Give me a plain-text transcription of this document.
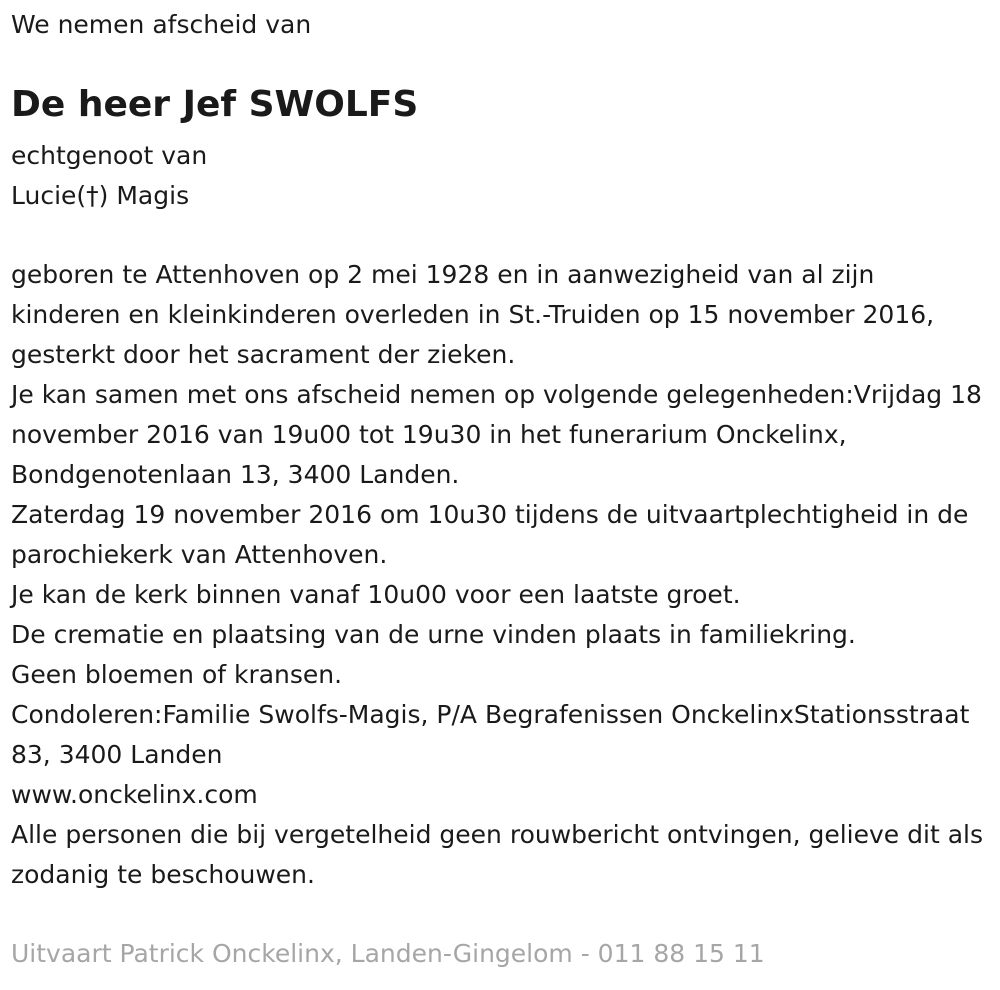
We nemen afscheid van
De heer Jef SWOLFS
echtgenoot van
Lucie(†) Magis

geboren te Attenhoven op 2 mei 1928 en in aanwezigheid van al zijn kinderen en kleinkinderen overleden in St.-Truiden op 15 november 2016, gesterkt door het sacrament der zieken.

Je kan samen met ons afscheid nemen op volgende gelegenheden:Vrijdag 18 november 2016 van 19u00 tot 19u30 in het funerarium Onckelinx, Bondgenotenlaan 13, 3400 Landen.

Zaterdag 19 november 2016 om 10u30 tijdens de uitvaartplechtigheid in de parochiekerk van Attenhoven.

Je kan de kerk binnen vanaf 10u00 voor een laatste groet.

De crematie en plaatsing van de urne vinden plaats in familiekring.

Geen bloemen of kransen.

Condoleren:Familie Swolfs-Magis, P/A Begrafenissen OnckelinxStationsstraat 83, 3400 Landen

www.onckelinx.com

Alle personen die bij vergetelheid geen rouwbericht ontvingen, gelieve dit als zodanig te beschouwen.

Uitvaart Patrick Onckelinx, Landen-Gingelom - 011 88 15 11
